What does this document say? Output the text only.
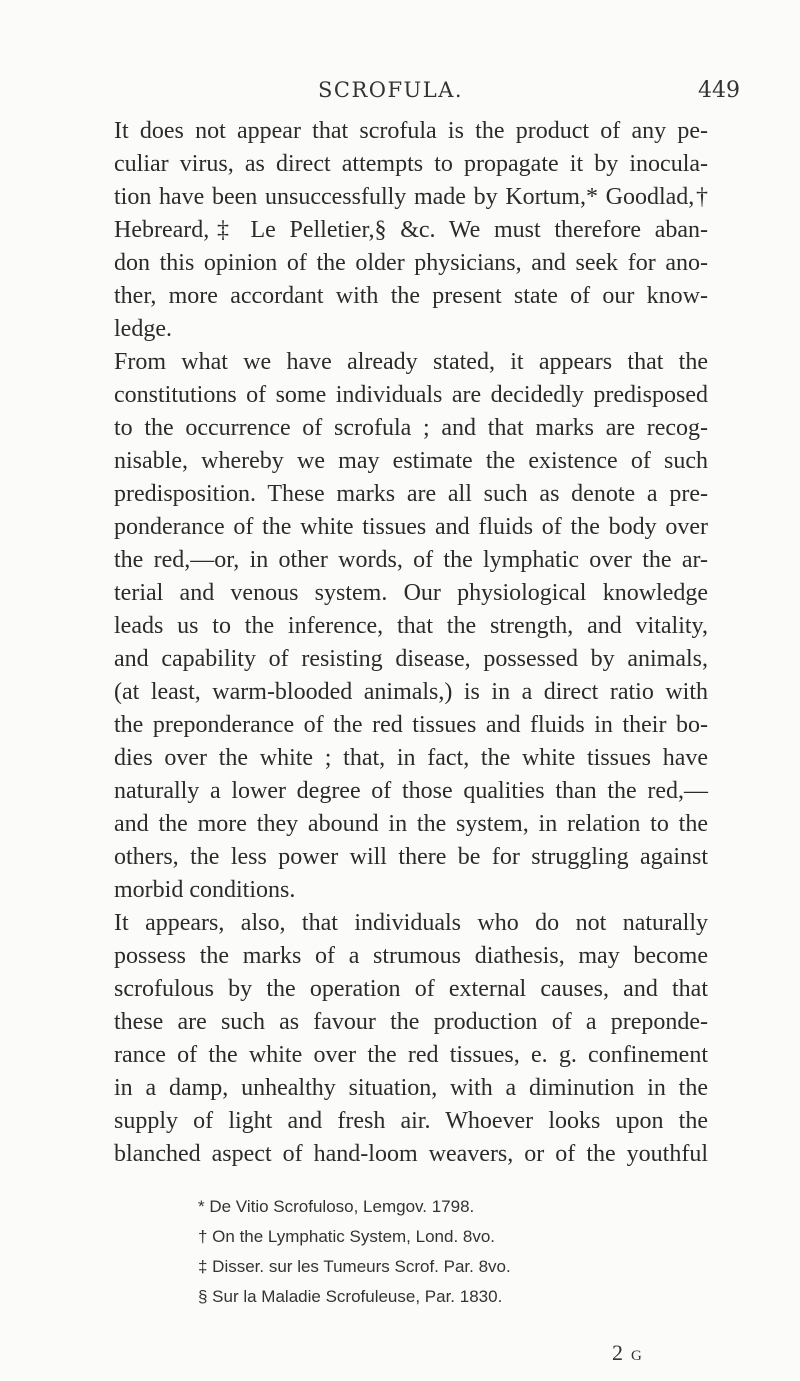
SCROFULA.	449
It does not appear that scrofula is the product of any pe-
culiar virus, as direct attempts to propagate it by inocula-
tion have been unsuccessfully made by Kortum,* Goodlad,†
Hebreard,‡ Le Pelletier,§ &c. We must therefore aban-
don this opinion of the older physicians, and seek for ano-
ther, more accordant with the present state of our know-
ledge.
From what we have already stated, it appears that the
constitutions of some individuals are decidedly predisposed
to the occurrence of scrofula ; and that marks are recog-
nisable, whereby we may estimate the existence of such
predisposition. These marks are all such as denote a pre-
ponderance of the white tissues and fluids of the body over
the red,—or, in other words, of the lymphatic over the ar-
terial and venous system. Our physiological knowledge
leads us to the inference, that the strength, and vitality,
and capability of resisting disease, possessed by animals,
(at least, warm-blooded animals,) is in a direct ratio with
the preponderance of the red tissues and fluids in their bo-
dies over the white ; that, in fact, the white tissues have
naturally a lower degree of those qualities than the red,—
and the more they abound in the system, in relation to the
others, the less power will there be for struggling against
morbid conditions.
It appears, also, that individuals who do not naturally
possess the marks of a strumous diathesis, may become
scrofulous by the operation of external causes, and that
these are such as favour the production of a preponde-
rance of the white over the red tissues, e. g. confinement
in a damp, unhealthy situation, with a diminution in the
supply of light and fresh air. Whoever looks upon the
blanched aspect of hand-loom weavers, or of the youthful
* De Vitio Scrofuloso, Lemgov. 1798.
† On the Lymphatic System, Lond. 8vo.
‡ Disser. sur les Tumeurs Scrof. Par. 8vo.
§ Sur la Maladie Scrofuleuse, Par. 1830.
2 G
